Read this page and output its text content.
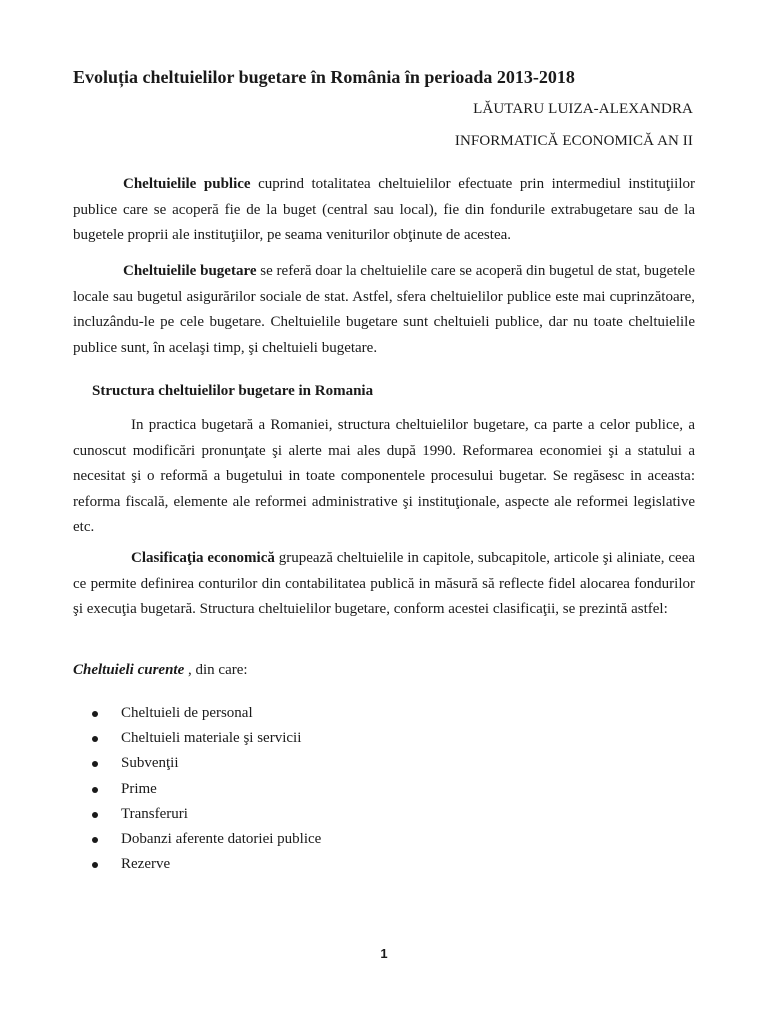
Evoluția cheltuielilor bugetare în România în perioada 2013-2018
LĂUTARU LUIZA-ALEXANDRA
INFORMATICĂ ECONOMICĂ AN II

Cheltuielile publice cuprind totalitatea cheltuielilor efectuate prin intermediul instituţiilor publice care se acoperă fie de la buget (central sau local), fie din fondurile extrabugetare sau de la bugetele proprii ale instituţiilor, pe seama veniturilor obţinute de acestea.

Cheltuielile bugetare se referă doar la cheltuielile care se acoperă din bugetul de stat, bugetele locale sau bugetul asigurărilor sociale de stat. Astfel, sfera cheltuielilor publice este mai cuprinzătoare, incluzându-le pe cele bugetare. Cheltuielile bugetare sunt cheltuieli publice, dar nu toate cheltuielile publice sunt, în acelaşi timp, şi cheltuieli bugetare.

Structura cheltuielilor bugetare in Romania

In practica bugetară a Romaniei, structura cheltuielilor bugetare, ca parte a celor publice, a cunoscut modificări pronunţate şi alerte mai ales după 1990. Reformarea economiei şi a statului a necesitat şi o reformă a bugetului in toate componentele procesului bugetar. Se regăsesc in aceasta: reforma fiscală, elemente ale reformei administrative şi instituţionale, aspecte ale reformei legislative etc.

Clasificaţia economică grupează cheltuielile in capitole, subcapitole, articole şi aliniate, ceea ce permite definirea conturilor din contabilitatea publică in măsură să reflecte fidel alocarea fondurilor şi execuţia bugetară. Structura cheltuielilor bugetare, conform acestei clasificaţii, se prezintă astfel:

Cheltuieli curente , din care:
Cheltuieli de personal
Cheltuieli materiale şi servicii
Subvenţii
Prime
Transferuri
Dobanzi aferente datoriei publice
Rezerve
1
